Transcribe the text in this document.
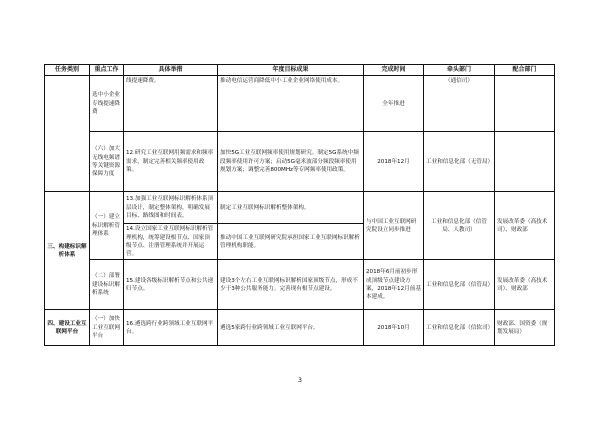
任务类别	重点工作	具体举措	年度目标成果	完成时间	牵头部门	配合部门
	选中小企业专线提速降费	线提速降费。	推动电信运营商降低中小工业企业网络使用成本。	全年推进	（通信司）	
	（六）加大无线电频谱等关键资源保障力度	12.研究工业互联网用频需求和频率需求，制定完善相关频率使用政策。	加快5G工业互联网频率使用规划研究。制定5G系统中频段频率使用许可方案；启动5G毫米波部分频段频率使用规划方案；调整完善800MHz等专网频率使用政策。	2018年12月	工业和信息化部（无管局）	
三、构建标识解析体系	（一）建立标识解析管理体系	13.加强工业互联网标识解析体系顶层设计，制定整体架构，明确发展目标、路线图和时间表。	制定工业互联网标识解析整体架构。	与中国工业互联网研究院设立同步推进	工业和信息化部（信管局、人教司）	发展改革委（高技术司）、财政部
		14.设立国家工业互联网标识解析管理机构，统筹建设根节点、国家顶级节点、注册管理系统并开展运营。	推动中国工业互联网研究院承担国家工业互联网标识解析管理机构职能。			
	（二）部署建设标识解析系统	15.建设各级标识解析节点和公共递归节点。	建设3个左右工业互联网标识解析国家顶级节点，形成不少于3种公共服务能力。完善现有根节点建设。	2018年6月前初步形成顶级节点建设方案，2018年12月前基本建成。	工业和信息化部（信管局）	发展改革委（高技术司）、财政部
四、建设工业互联网平台	（一）加快工业互联网平台	16.遴选跨行业跨领域工业互联网平台。	遴选5家跨行业跨领域工业互联网平台。	2018年10月	工业和信息化部（信软司）	财政部、国资委（规划发展局）
3
